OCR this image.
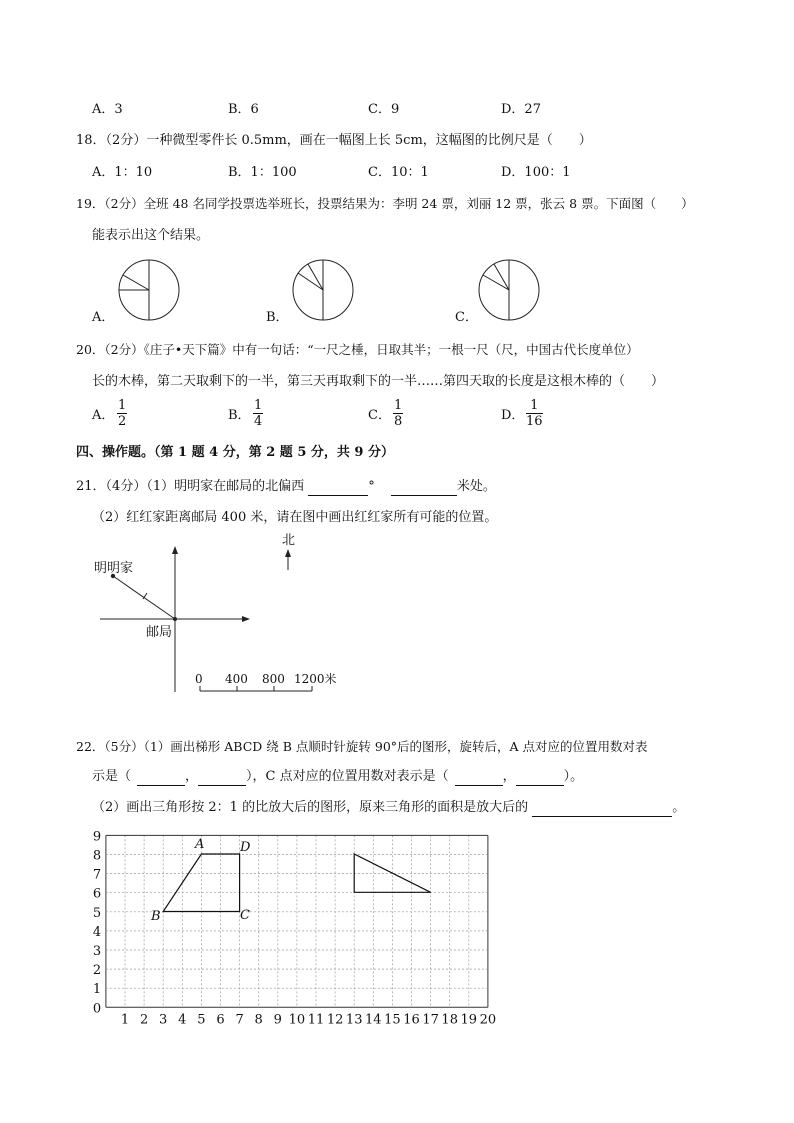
A．3	B．6	C．9	D．27
18．（2分）一种微型零件长 0.5mm，画在一幅图上长 5cm，这幅图的比例尺是（　　）
A．1：10	B．1：100	C．10：1	D．100：1
19．（2分）全班 48 名同学投票选举班长，投票结果为：李明 24 票，刘丽 12 票，张云 8 票。下面图（　　）
能表示出这个结果。
A．	B．	C．
20．（2分）《庄子•天下篇》中有一句话：“一尺之棰，日取其半；一根一尺（尺，中国古代长度单位）
长的木棒，第二天取剩下的一半，第三天再取剩下的一半……第四天取的长度是这根木棒的（　　）
A． $\frac{1}{2}$	B． $\frac{1}{4}$	C． $\frac{1}{8}$	D． $\frac{1}{16}$
四、操作题。（第 1 题 4 分，第 2 题 5 分，共 9 分）
21．（4分）（1）明明家在邮局的北偏西	°	米处。
（2）红红家距离邮局 400 米，请在图中画出红红家所有可能的位置。
北
明明家
邮局
0 400 800 1200米
22．（5分）（1）画出梯形 ABCD 绕 B 点顺时针旋转 90°后的图形，旋转后，A 点对应的位置用数对表
示是（	，	），C 点对应的位置用数对表示是（	，	）。
（2）画出三角形按 2：1 的比放大后的图形，原来三角形的面积是放大后的	。
0
1
2
3
4
5
6
7
8
9
1 2 3 4 5 6 7 8 9 10 11 12 13 14 15 16 17 18 19 20
A	D
B	C
